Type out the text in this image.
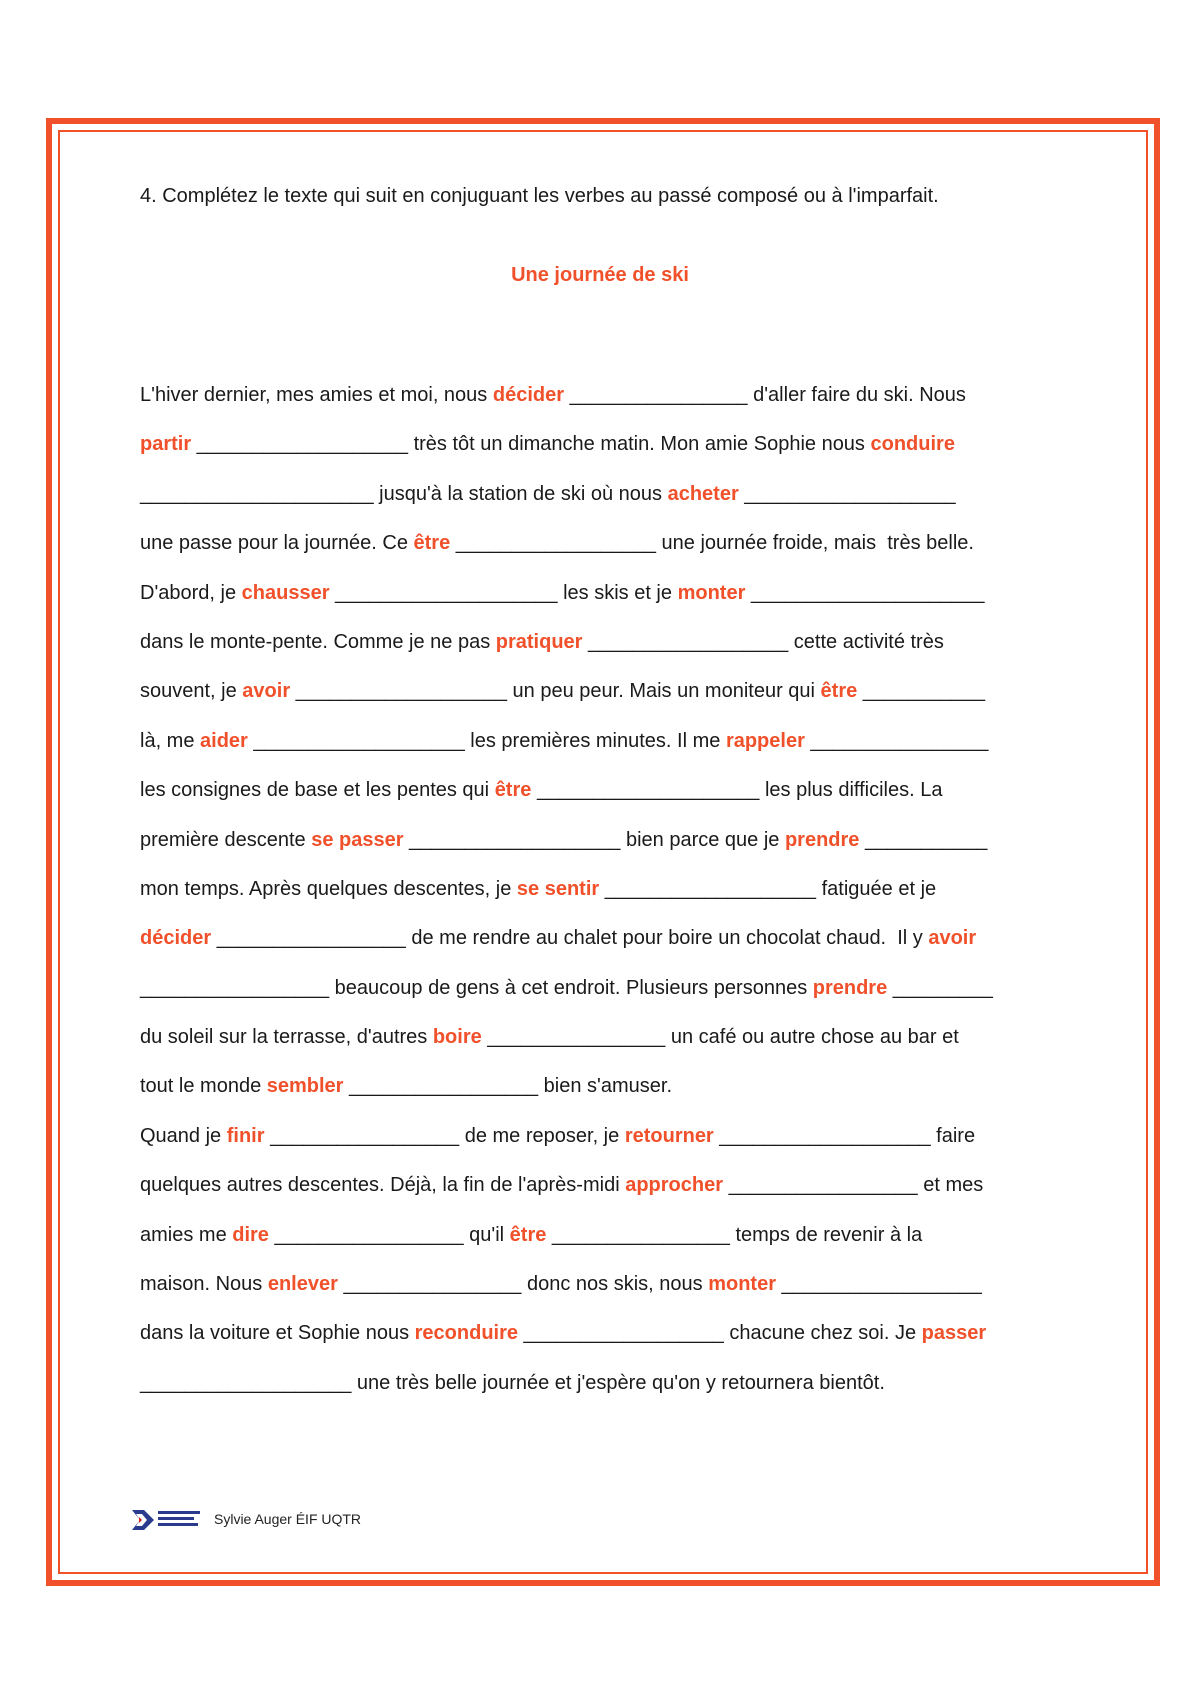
4. Complétez le texte qui suit en conjuguant les verbes au passé composé ou à l'imparfait.
Une journée de ski
L'hiver dernier, mes amies et moi, nous décider ________________ d'aller faire du ski. Nous
partir ___________________ très tôt un dimanche matin. Mon amie Sophie nous conduire
_____________________ jusqu'à la station de ski où nous acheter ___________________
une passe pour la journée. Ce être __________________ une journée froide, mais  très belle.
D'abord, je chausser ____________________ les skis et je monter _____________________
dans le monte-pente. Comme je ne pas pratiquer __________________ cette activité très
souvent, je avoir ___________________ un peu peur. Mais un moniteur qui être ___________
là, me aider ___________________ les premières minutes. Il me rappeler ________________
les consignes de base et les pentes qui être ____________________ les plus difficiles. La
première descente se passer ___________________ bien parce que je prendre ___________
mon temps. Après quelques descentes, je se sentir ___________________ fatiguée et je
décider _________________ de me rendre au chalet pour boire un chocolat chaud.  Il y avoir
_________________ beaucoup de gens à cet endroit. Plusieurs personnes prendre _________
du soleil sur la terrasse, d'autres boire ________________ un café ou autre chose au bar et
tout le monde sembler _________________ bien s'amuser.
Quand je finir _________________ de me reposer, je retourner ___________________ faire
quelques autres descentes. Déjà, la fin de l'après-midi approcher _________________ et mes
amies me dire _________________ qu'il être ________________ temps de revenir à la
maison. Nous enlever ________________ donc nos skis, nous monter __________________
dans la voiture et Sophie nous reconduire __________________ chacune chez soi. Je passer
___________________ une très belle journée et j'espère qu'on y retournera bientôt.
Sylvie Auger ÉIF UQTR
